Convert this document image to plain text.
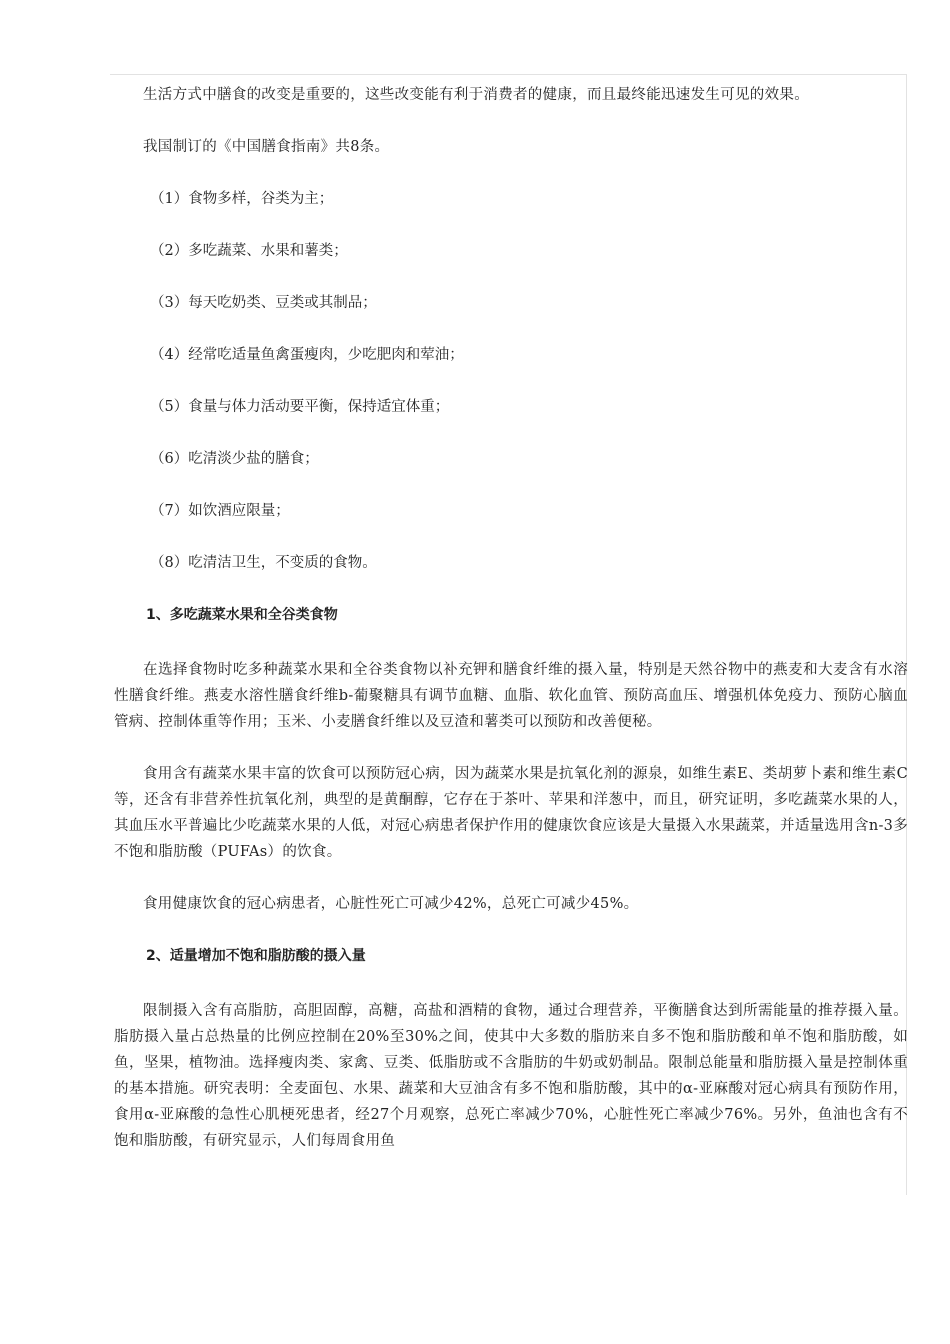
生活方式中膳食的改变是重要的，这些改变能有利于消费者的健康，而且最终能迅速发生可见的效果。

我国制订的《中国膳食指南》共8条。

（1）食物多样，谷类为主；

（2）多吃蔬菜、水果和薯类；

（3）每天吃奶类、豆类或其制品；

（4）经常吃适量鱼禽蛋瘦肉，少吃肥肉和荤油；

（5）食量与体力活动要平衡，保持适宜体重；

（6）吃清淡少盐的膳食；

（7）如饮酒应限量；

（8）吃清洁卫生，不变质的食物。

1、多吃蔬菜水果和全谷类食物

在选择食物时吃多种蔬菜水果和全谷类食物以补充钾和膳食纤维的摄入量，特别是天然谷物中的燕麦和大麦含有水溶性膳食纤维。燕麦水溶性膳食纤维b-葡聚糖具有调节血糖、血脂、软化血管、预防高血压、增强机体免疫力、预防心脑血管病、控制体重等作用；玉米、小麦膳食纤维以及豆渣和薯类可以预防和改善便秘。

食用含有蔬菜水果丰富的饮食可以预防冠心病，因为蔬菜水果是抗氧化剂的源泉，如维生素E、类胡萝卜素和维生素C等，还含有非营养性抗氧化剂，典型的是黄酮醇，它存在于茶叶、苹果和洋葱中，而且，研究证明，多吃蔬菜水果的人，其血压水平普遍比少吃蔬菜水果的人低，对冠心病患者保护作用的健康饮食应该是大量摄入水果蔬菜，并适量选用含n-3多不饱和脂肪酸（PUFAs）的饮食。

食用健康饮食的冠心病患者，心脏性死亡可减少42%，总死亡可减少45%。

2、适量增加不饱和脂肪酸的摄入量

限制摄入含有高脂肪，高胆固醇，高糖，高盐和酒精的食物，通过合理营养，平衡膳食达到所需能量的推荐摄入量。脂肪摄入量占总热量的比例应控制在20%至30%之间，使其中大多数的脂肪来自多不饱和脂肪酸和单不饱和脂肪酸，如鱼，坚果，植物油。选择瘦肉类、家禽、豆类、低脂肪或不含脂肪的牛奶或奶制品。限制总能量和脂肪摄入量是控制体重的基本措施。研究表明：全麦面包、水果、蔬菜和大豆油含有多不饱和脂肪酸，其中的α-亚麻酸对冠心病具有预防作用，食用α-亚麻酸的急性心肌梗死患者，经27个月观察，总死亡率减少70%，心脏性死亡率减少76%。另外，鱼油也含有不饱和脂肪酸，有研究显示，人们每周食用鱼
